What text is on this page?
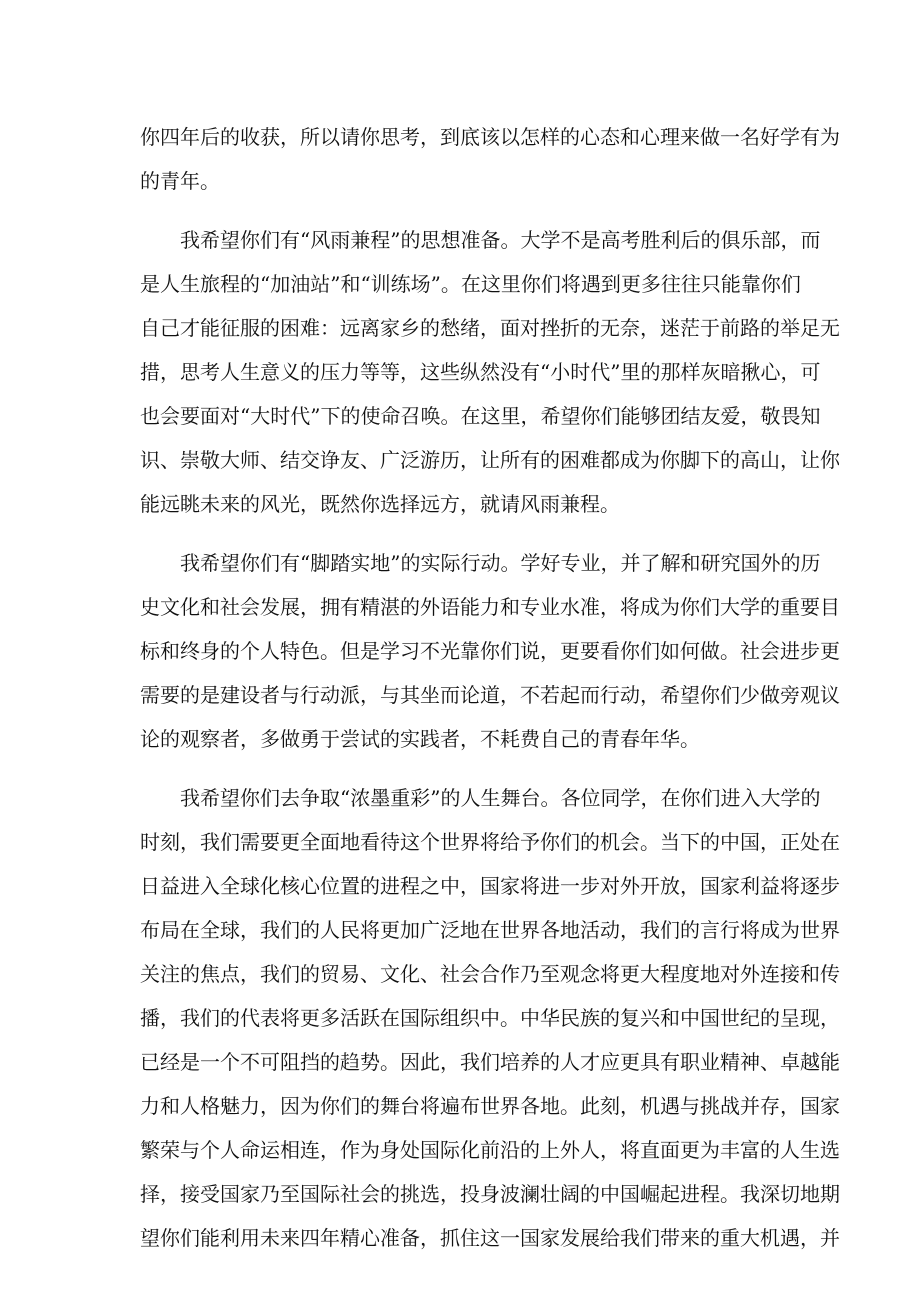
你四年后的收获，所以请你思考，到底该以怎样的心态和心理来做一名好学有为
的青年。
我希望你们有“风雨兼程”的思想准备。大学不是高考胜利后的俱乐部，而
是人生旅程的“加油站”和“训练场”。在这里你们将遇到更多往往只能靠你们
自己才能征服的困难：远离家乡的愁绪，面对挫折的无奈，迷茫于前路的举足无
措，思考人生意义的压力等等，这些纵然没有“小时代”里的那样灰暗揪心，可
也会要面对“大时代”下的使命召唤。在这里，希望你们能够团结友爱，敬畏知
识、崇敬大师、结交诤友、广泛游历，让所有的困难都成为你脚下的高山，让你
能远眺未来的风光，既然你选择远方，就请风雨兼程。
我希望你们有“脚踏实地”的实际行动。学好专业，并了解和研究国外的历
史文化和社会发展，拥有精湛的外语能力和专业水准，将成为你们大学的重要目
标和终身的个人特色。但是学习不光靠你们说，更要看你们如何做。社会进步更
需要的是建设者与行动派，与其坐而论道，不若起而行动，希望你们少做旁观议
论的观察者，多做勇于尝试的实践者，不耗费自己的青春年华。
我希望你们去争取“浓墨重彩”的人生舞台。各位同学，在你们进入大学的
时刻，我们需要更全面地看待这个世界将给予你们的机会。当下的中国，正处在
日益进入全球化核心位置的进程之中，国家将进一步对外开放，国家利益将逐步
布局在全球，我们的人民将更加广泛地在世界各地活动，我们的言行将成为世界
关注的焦点，我们的贸易、文化、社会合作乃至观念将更大程度地对外连接和传
播，我们的代表将更多活跃在国际组织中。中华民族的复兴和中国世纪的呈现，
已经是一个不可阻挡的趋势。因此，我们培养的人才应更具有职业精神、卓越能
力和人格魅力，因为你们的舞台将遍布世界各地。此刻，机遇与挑战并存，国家
繁荣与个人命运相连，作为身处国际化前沿的上外人，将直面更为丰富的人生选
择，接受国家乃至国际社会的挑选，投身波澜壮阔的中国崛起进程。我深切地期
望你们能利用未来四年精心准备，抓住这一国家发展给我们带来的重大机遇，并
